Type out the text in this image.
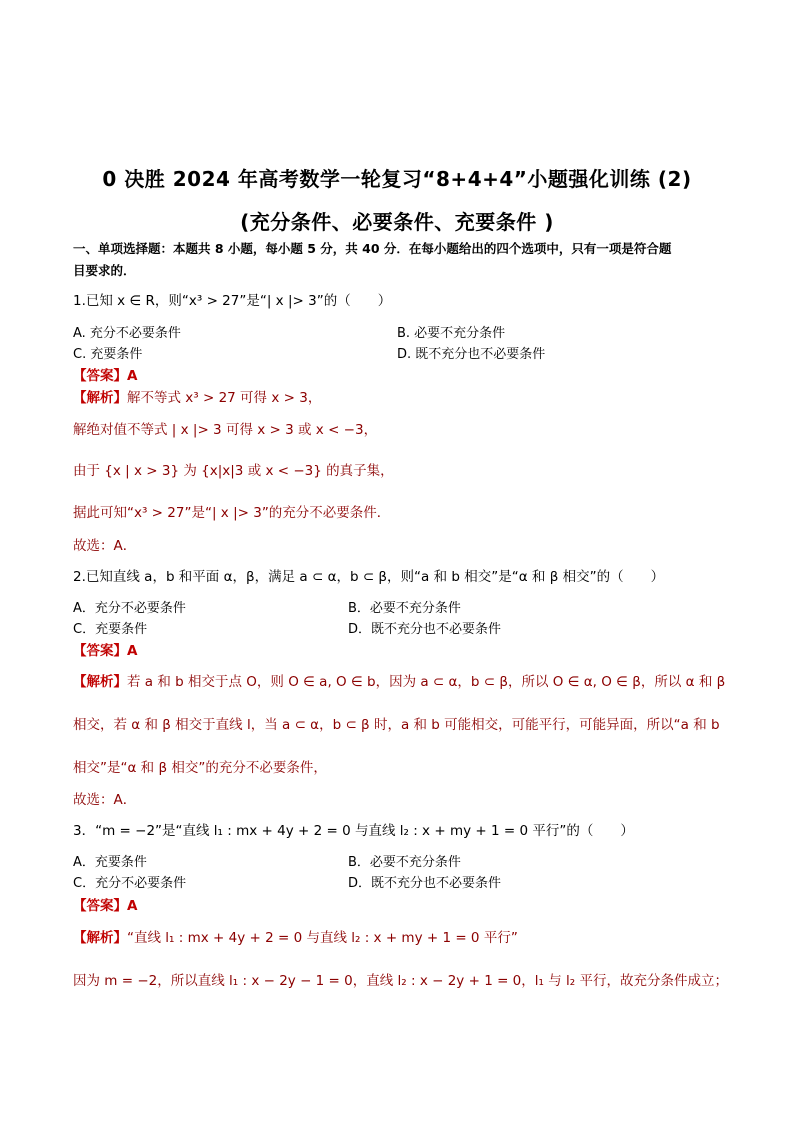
0 决胜 2024 年高考数学一轮复习“8+4+4”小题强化训练 (2)
(充分条件、必要条件、充要条件 )
一、单项选择题：本题共 8 小题，每小题 5 分，共 40 分．在每小题给出的四个选项中，只有一项是符合题
目要求的．
1.已知 x ∈ R，则“x³ > 27”是“| x |> 3”的（　　）
A. 充分不必要条件	B. 必要不充分条件
C. 充要条件	D. 既不充分也不必要条件
【答案】A
【解析】解不等式 x³ > 27 可得 x > 3，
解绝对值不等式 | x |> 3 可得 x > 3 或 x < −3，
由于 {x | x > 3} 为 {x|x|3 或 x < −3} 的真子集，
据此可知“x³ > 27”是“| x |> 3”的充分不必要条件．
故选：A．
2.已知直线 a，b 和平面 α，β，满足 a ⊂ α，b ⊂ β，则“a 和 b 相交”是“α 和 β 相交”的（　　）
A．充分不必要条件	B．必要不充分条件
C．充要条件	D．既不充分也不必要条件
【答案】A
【解析】若 a 和 b 相交于点 O，则 O ∈ a, O ∈ b，因为 a ⊂ α，b ⊂ β，所以 O ∈ α, O ∈ β，所以 α 和 β
相交，若 α 和 β 相交于直线 l，当 a ⊂ α，b ⊂ β 时，a 和 b 可能相交，可能平行，可能异面，所以“a 和 b
相交”是“α 和 β 相交”的充分不必要条件，
故选：A．
3．“m = −2”是“直线 l₁ : mx + 4y + 2 = 0 与直线 l₂ : x + my + 1 = 0 平行”的（　　）
A．充要条件	B．必要不充分条件
C．充分不必要条件	D．既不充分也不必要条件
【答案】A
【解析】“直线 l₁ : mx + 4y + 2 = 0 与直线 l₂ : x + my + 1 = 0 平行”
因为 m = −2，所以直线 l₁ : x − 2y − 1 = 0，直线 l₂ : x − 2y + 1 = 0，l₁ 与 l₂ 平行，故充分条件成立；
